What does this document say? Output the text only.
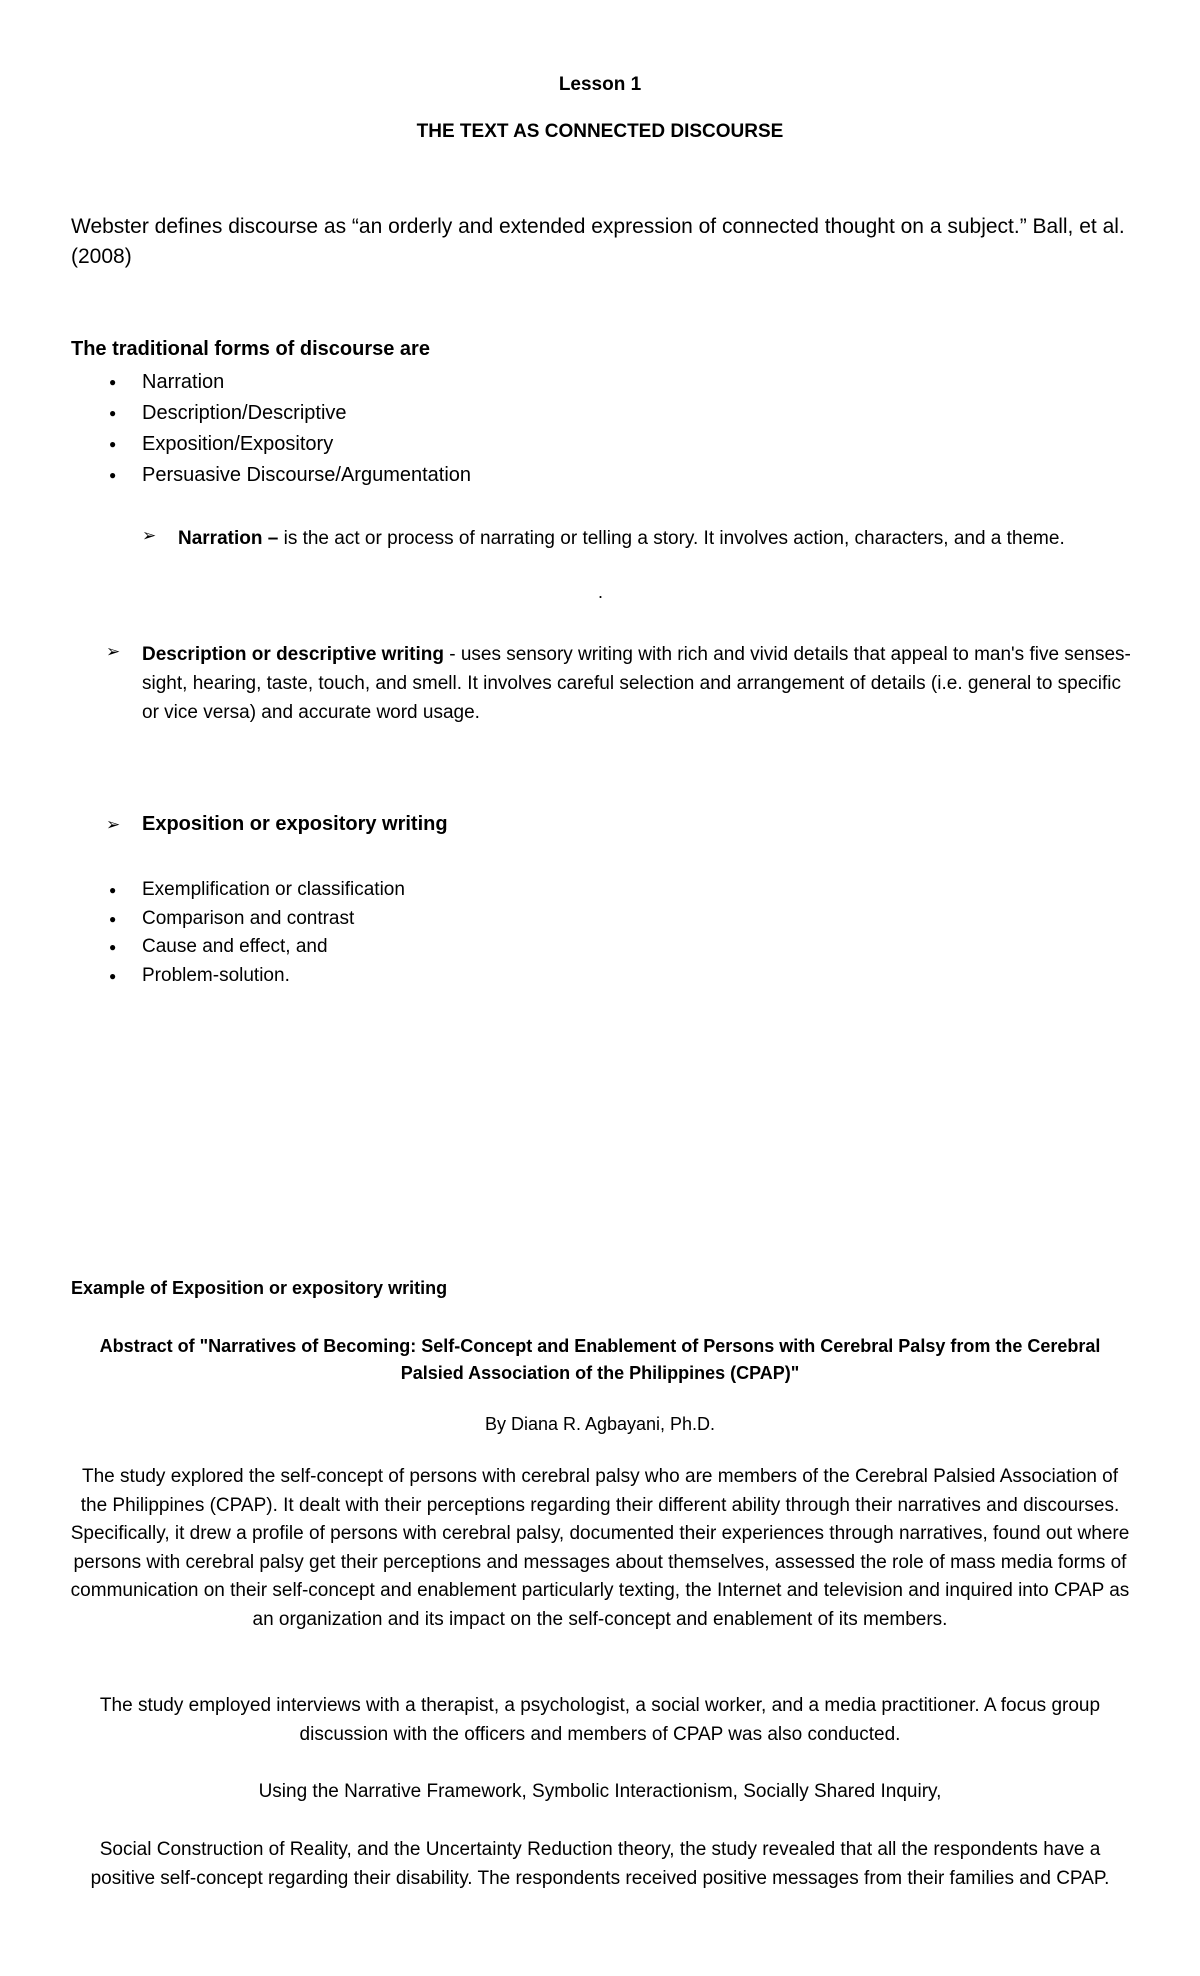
Lesson 1
THE TEXT AS CONNECTED DISCOURSE
Webster defines discourse as “an orderly and extended expression of connected thought on a subject.” Ball, et al. (2008)
The traditional forms of discourse are
● Narration
● Description/Descriptive
● Exposition/Expository
● Persuasive Discourse/Argumentation
➢ Narration – is the act or process of narrating or telling a story. It involves action, characters, and a theme.
.
➢ Description or descriptive writing - uses sensory writing with rich and vivid details that appeal to man's five senses-sight, hearing, taste, touch, and smell. It involves careful selection and arrangement of details (i.e. general to specific or vice versa) and accurate word usage.
➢ Exposition or expository writing
● Exemplification or classification
● Comparison and contrast
● Cause and effect, and
● Problem-solution.
Example of Exposition or expository writing
Abstract of "Narratives of Becoming: Self-Concept and Enablement of Persons with Cerebral Palsy from the Cerebral Palsied Association of the Philippines (CPAP)"
By Diana R. Agbayani, Ph.D.
The study explored the self-concept of persons with cerebral palsy who are members of the Cerebral Palsied Association of the Philippines (CPAP). It dealt with their perceptions regarding their different ability through their narratives and discourses. Specifically, it drew a profile of persons with cerebral palsy, documented their experiences through narratives, found out where persons with cerebral palsy get their perceptions and messages about themselves, assessed the role of mass media forms of communication on their self-concept and enablement particularly texting, the Internet and television and inquired into CPAP as an organization and its impact on the self-concept and enablement of its members.
The study employed interviews with a therapist, a psychologist, a social worker, and a media practitioner. A focus group discussion with the officers and members of CPAP was also conducted.
Using the Narrative Framework, Symbolic Interactionism, Socially Shared Inquiry,
Social Construction of Reality, and the Uncertainty Reduction theory, the study revealed that all the respondents have a positive self-concept regarding their disability. The respondents received positive messages from their families and CPAP.
